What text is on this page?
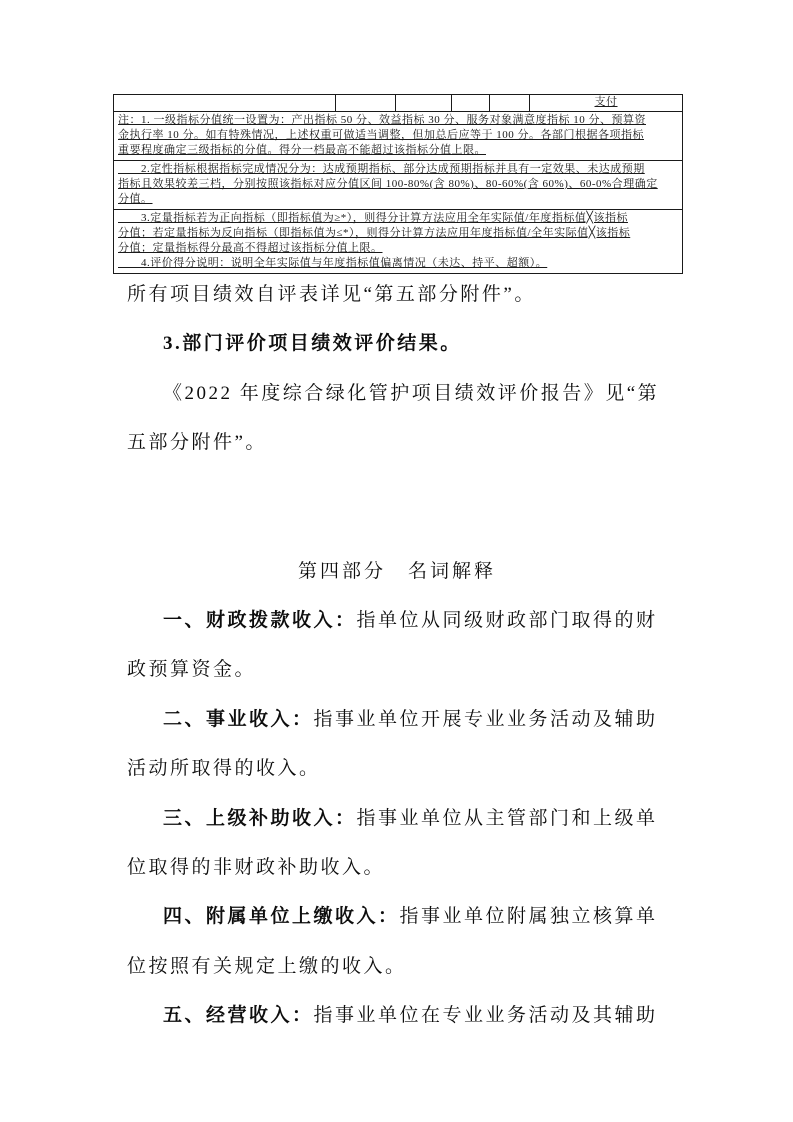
支付
注：1. 一级指标分值统一设置为：产出指标 50 分、效益指标 30 分、服务对象满意度指标 10 分、预算资
金执行率 10 分。如有特殊情况，上述权重可做适当调整，但加总后应等于 100 分。各部门根据各项指标
重要程度确定三级指标的分值。得分一档最高不能超过该指标分值上限。
　　2.定性指标根据指标完成情况分为：达成预期指标、部分达成预期指标并具有一定效果、未达成预期
指标且效果较差三档，分别按照该指标对应分值区间 100-80%(含 80%)、80-60%(含 60%)、60-0%合理确定
分值。
　　3.定量指标若为正向指标（即指标值为≥*），则得分计算方法应用全年实际值/年度指标值╳该指标
分值；若定量指标为反向指标（即指标值为≤*），则得分计算方法应用年度指标值/全年实际值╳该指标
分值；定量指标得分最高不得超过该指标分值上限。
　　4.评价得分说明：说明全年实际值与年度指标值偏离情况（未达、持平、超额）。
所有项目绩效自评表详见“第五部分附件”。
3.部门评价项目绩效评价结果。
《2022 年度综合绿化管护项目绩效评价报告》见“第
五部分附件”。
第四部分　名词解释
一、财政拨款收入：指单位从同级财政部门取得的财
政预算资金。
二、事业收入：指事业单位开展专业业务活动及辅助
活动所取得的收入。
三、上级补助收入：指事业单位从主管部门和上级单
位取得的非财政补助收入。
四、附属单位上缴收入：指事业单位附属独立核算单
位按照有关规定上缴的收入。
五、经营收入：指事业单位在专业业务活动及其辅助
